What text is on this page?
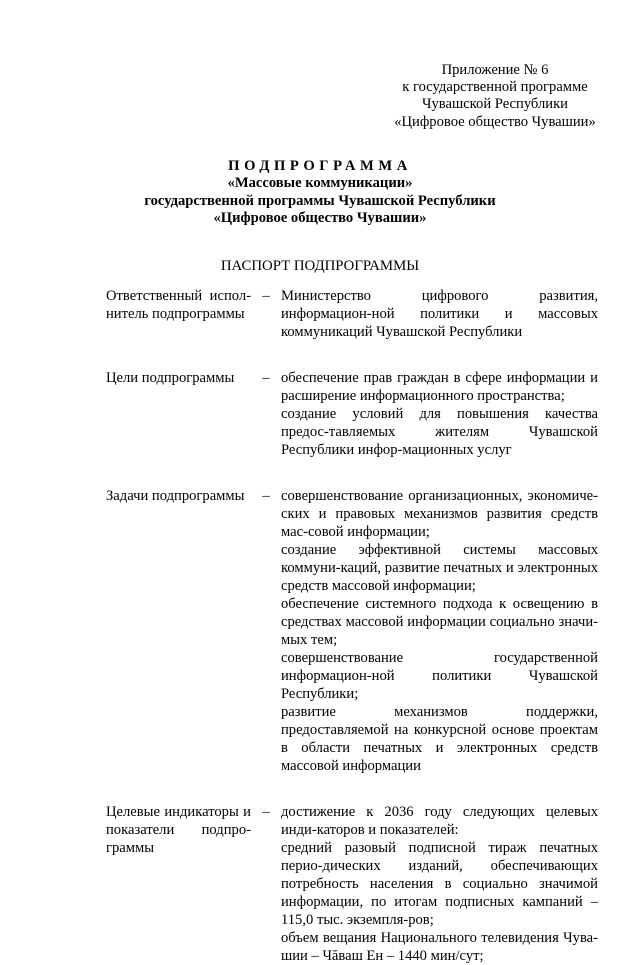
Приложение № 6
к государственной программе
Чувашской Республики
«Цифровое общество Чувашии»
ПОДПРОГРАММА
«Массовые коммуникации»
государственной программы Чувашской Республики
«Цифровое общество Чувашии»
ПАСПОРТ ПОДПРОГРАММЫ
Ответственный испол-
нитель подпрограммы
– Министерство цифрового развития, информацион-ной политики и массовых коммуникаций Чувашской Республики

Цели подпрограммы	– обеспечение прав граждан в сфере информации и расширение информационного пространства;

создание условий для повышения качества предос-тавляемых жителям Чувашской Республики инфор-мационных услуг

Задачи подпрограммы	– совершенствование организационных, экономиче-ских и правовых механизмов развития средств мас-совой информации;

создание эффективной системы массовых коммуни-каций, развитие печатных и электронных средств массовой информации;

обеспечение системного подхода к освещению в средствах массовой информации социально значи-мых тем;

совершенствование государственной информацион-ной политики Чувашской Республики;

развитие механизмов поддержки, предоставляемой на конкурсной основе проектам в области печатных и электронных средств массовой информации

Целевые индикаторы и
показатели подпро-
граммы
– достижение к 2036 году следующих целевых инди-каторов и показателей:

средний разовый подписной тираж печатных перио-дических изданий, обеспечивающих потребность населения в социально значимой информации, по итогам подписных кампаний – 115,0 тыс. экземпля-ров;

объем вещания Национального телевидения Чува-шии – Чăваш Ен – 1440 мин/сут;
